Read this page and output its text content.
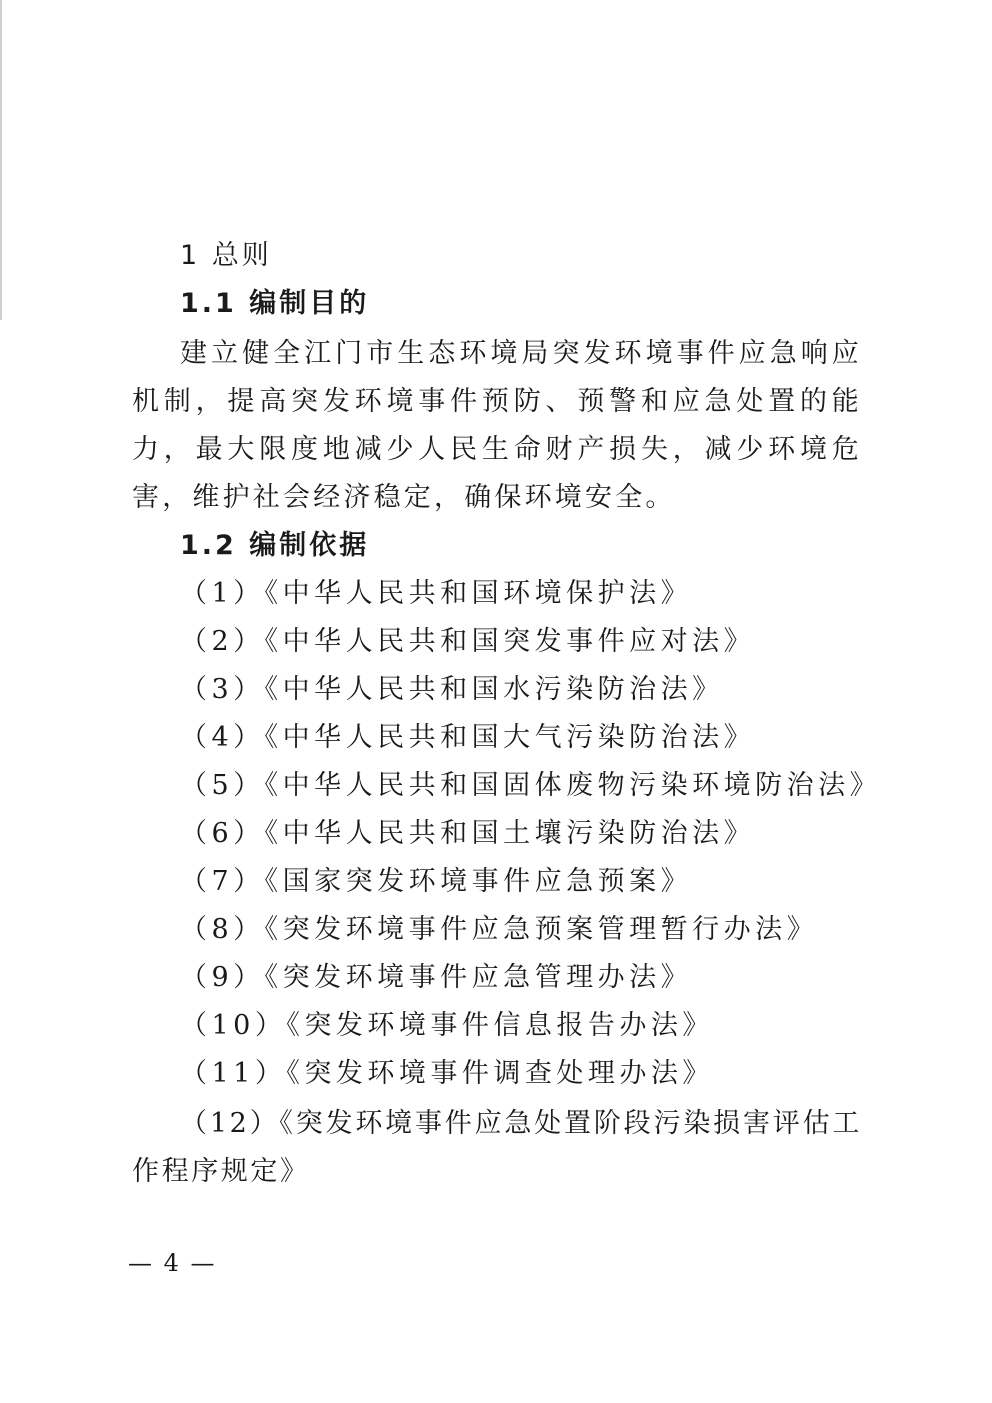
1 总则
1.1 编制目的
建立健全江门市生态环境局突发环境事件应急响应机制，提高突发环境事件预防、预警和应急处置的能力，最大限度地减少人民生命财产损失，减少环境危害，维护社会经济稳定，确保环境安全。
1.2 编制依据
（1）《中华人民共和国环境保护法》
（2）《中华人民共和国突发事件应对法》
（3）《中华人民共和国水污染防治法》
（4）《中华人民共和国大气污染防治法》
（5）《中华人民共和国固体废物污染环境防治法》
（6）《中华人民共和国土壤污染防治法》
（7）《国家突发环境事件应急预案》
（8）《突发环境事件应急预案管理暂行办法》
（9）《突发环境事件应急管理办法》
（10）《突发环境事件信息报告办法》
（11）《突发环境事件调查处理办法》
（12）《突发环境事件应急处置阶段污染损害评估工作程序规定》
— 4 —
